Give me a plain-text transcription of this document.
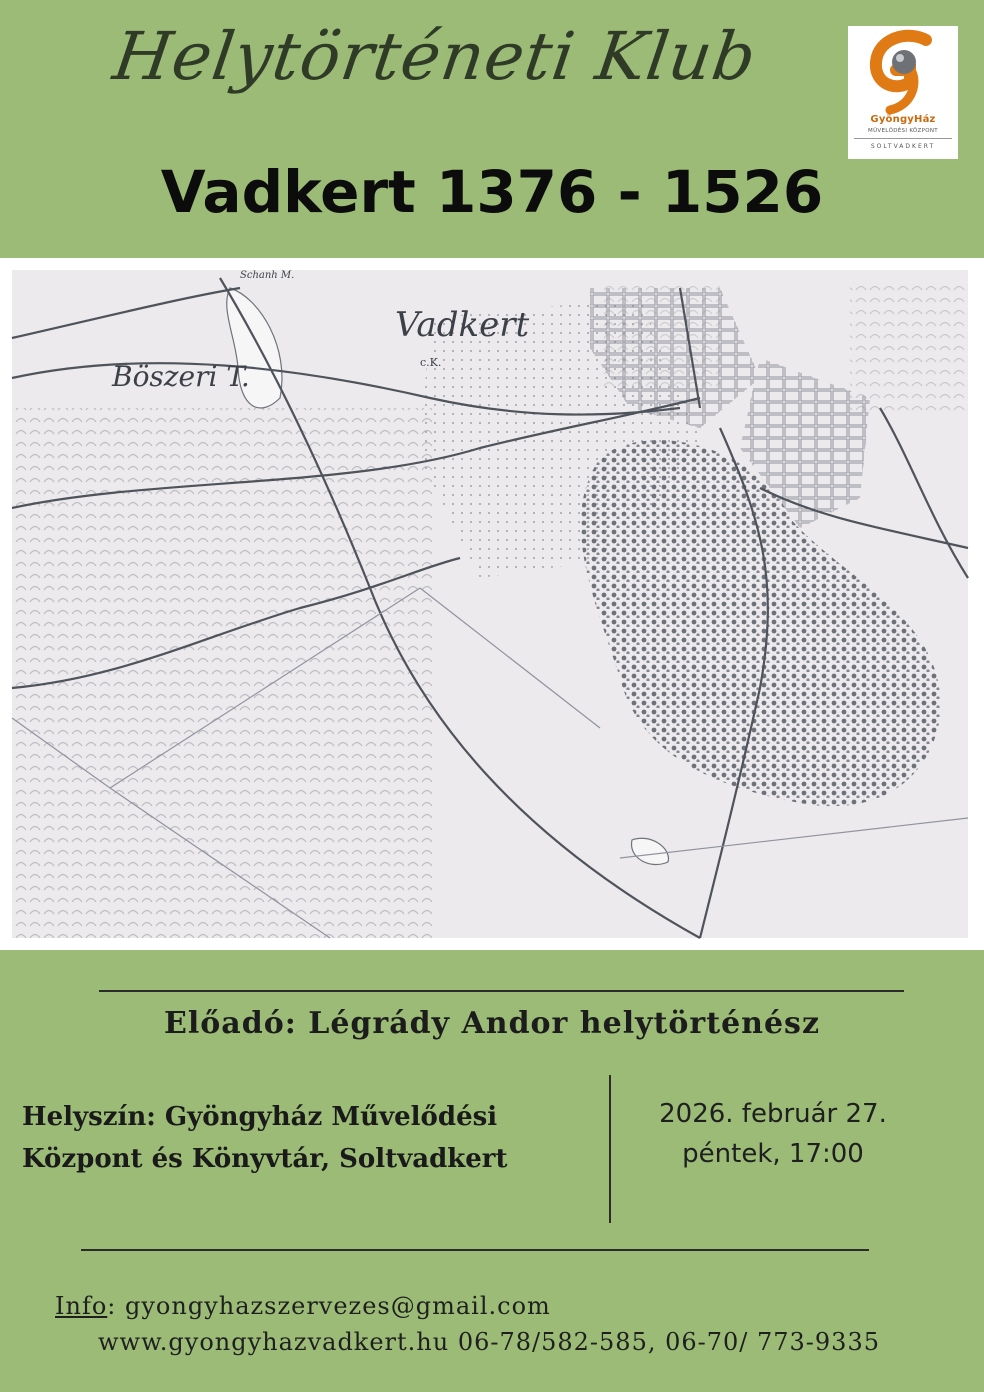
Helytörténeti Klub
Vadkert 1376 - 1526
GyöngyHáz
MŰVELŐDÉSI KÖZPONT
SOLTVADKERT
Vadkert
c.K.
Böszeri T.
Schanh M.
Előadó: Légrády Andor helytörténész
Helyszín: Gyöngyház Művelődési
Központ és Könyvtár, Soltvadkert
2026. február 27.
péntek, 17:00
Info: gyongyhazszervezes@gmail.com
www.gyongyhazvadkert.hu 06-78/582-585, 06-70/ 773-9335
